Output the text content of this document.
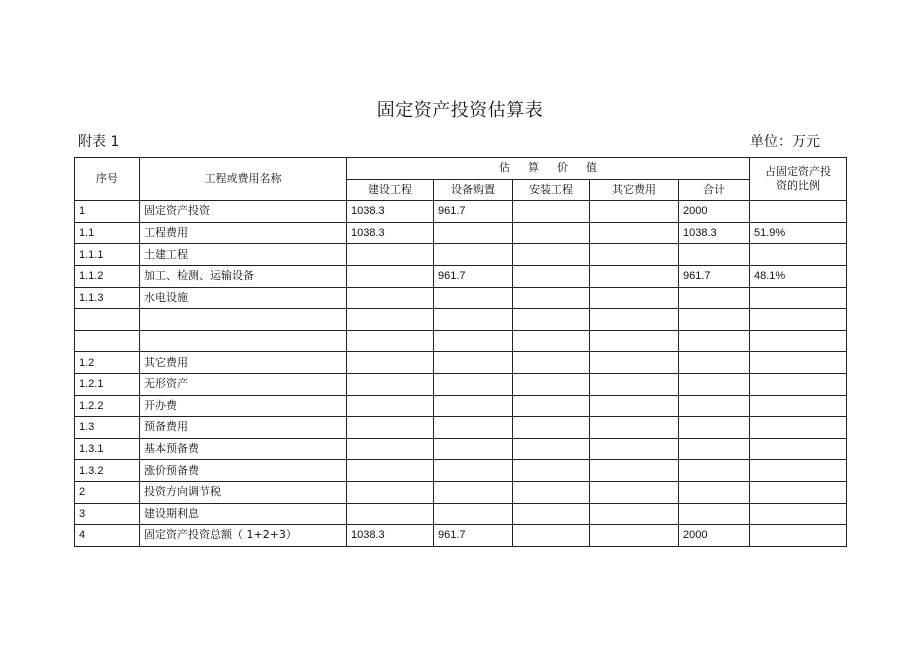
固定资产投资估算表
附表 1	单位：万元
序号	工程或费用名称	估算价值					占固定资产投
资的比例

		建设工程	设备购置	安装工程	其它费用	合计	
1	固定资产投资	1038.3	961.7			2000	
1.1	工程费用	1038.3				1038.3	51.9%
1.1.1	土建工程						
1.1.2	加工、检测、运输设备		961.7			961.7	48.1%
1.1.3	水电设施						

1.2	其它费用						
1.2.1	无形资产						
1.2.2	开办费						
1.3	预备费用						
1.3.1	基本预备费						
1.3.2	涨价预备费						
2	投资方向调节税						
3	建设期利息						
4	固定资产投资总额（ 1+2+3）	1038.3	961.7			2000	
